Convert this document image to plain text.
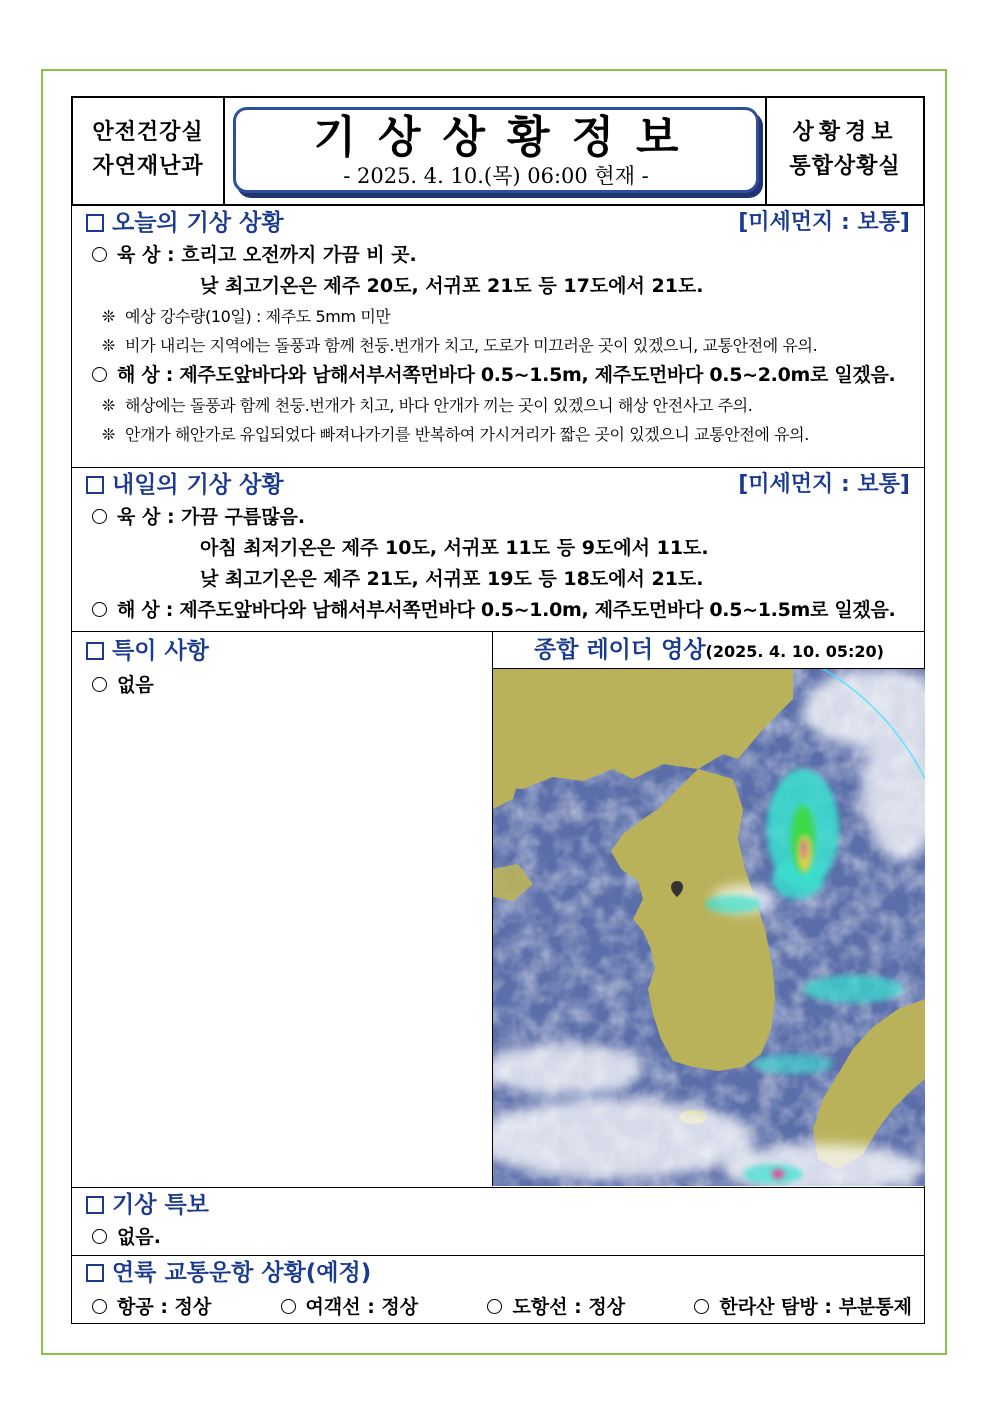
안전건강실
자연재난과
기상상황정보
- 2025. 4. 10.(목) 06:00 현재 -
상황경보
통합상황실
오늘의 기상 상황	[미세먼지 : 보통]
육 상 : 흐리고 오전까지 가끔 비 곳.
낮 최고기온은 제주 20도, 서귀포 21도 등 17도에서 21도.
❊ 예상 강수량(10일) : 제주도 5mm 미만
❊ 비가 내리는 지역에는 돌풍과 함께 천둥.번개가 치고, 도로가 미끄러운 곳이 있겠으니, 교통안전에 유의.
해 상 : 제주도앞바다와 남해서부서쪽먼바다 0.5~1.5m, 제주도먼바다 0.5~2.0m로 일겠음.
❊ 해상에는 돌풍과 함께 천둥.번개가 치고, 바다 안개가 끼는 곳이 있겠으니 해상 안전사고 주의.
❊ 안개가 해안가로 유입되었다 빠져나가기를 반복하여 가시거리가 짧은 곳이 있겠으니 교통안전에 유의.
내일의 기상 상황	[미세먼지 : 보통]
육 상 : 가끔 구름많음.
아침 최저기온은 제주 10도, 서귀포 11도 등 9도에서 11도.
낮 최고기온은 제주 21도, 서귀포 19도 등 18도에서 21도.
해 상 : 제주도앞바다와 남해서부서쪽먼바다 0.5~1.0m, 제주도먼바다 0.5~1.5m로 일겠음.
특이 사항
없음
종합 레이더 영상(2025. 4. 10. 05:20)
기상 특보
없음.
연륙 교통운항 상황(예정)
항공 : 정상	여객선 : 정상	도항선 : 정상	한라산 탐방 : 부분통제
